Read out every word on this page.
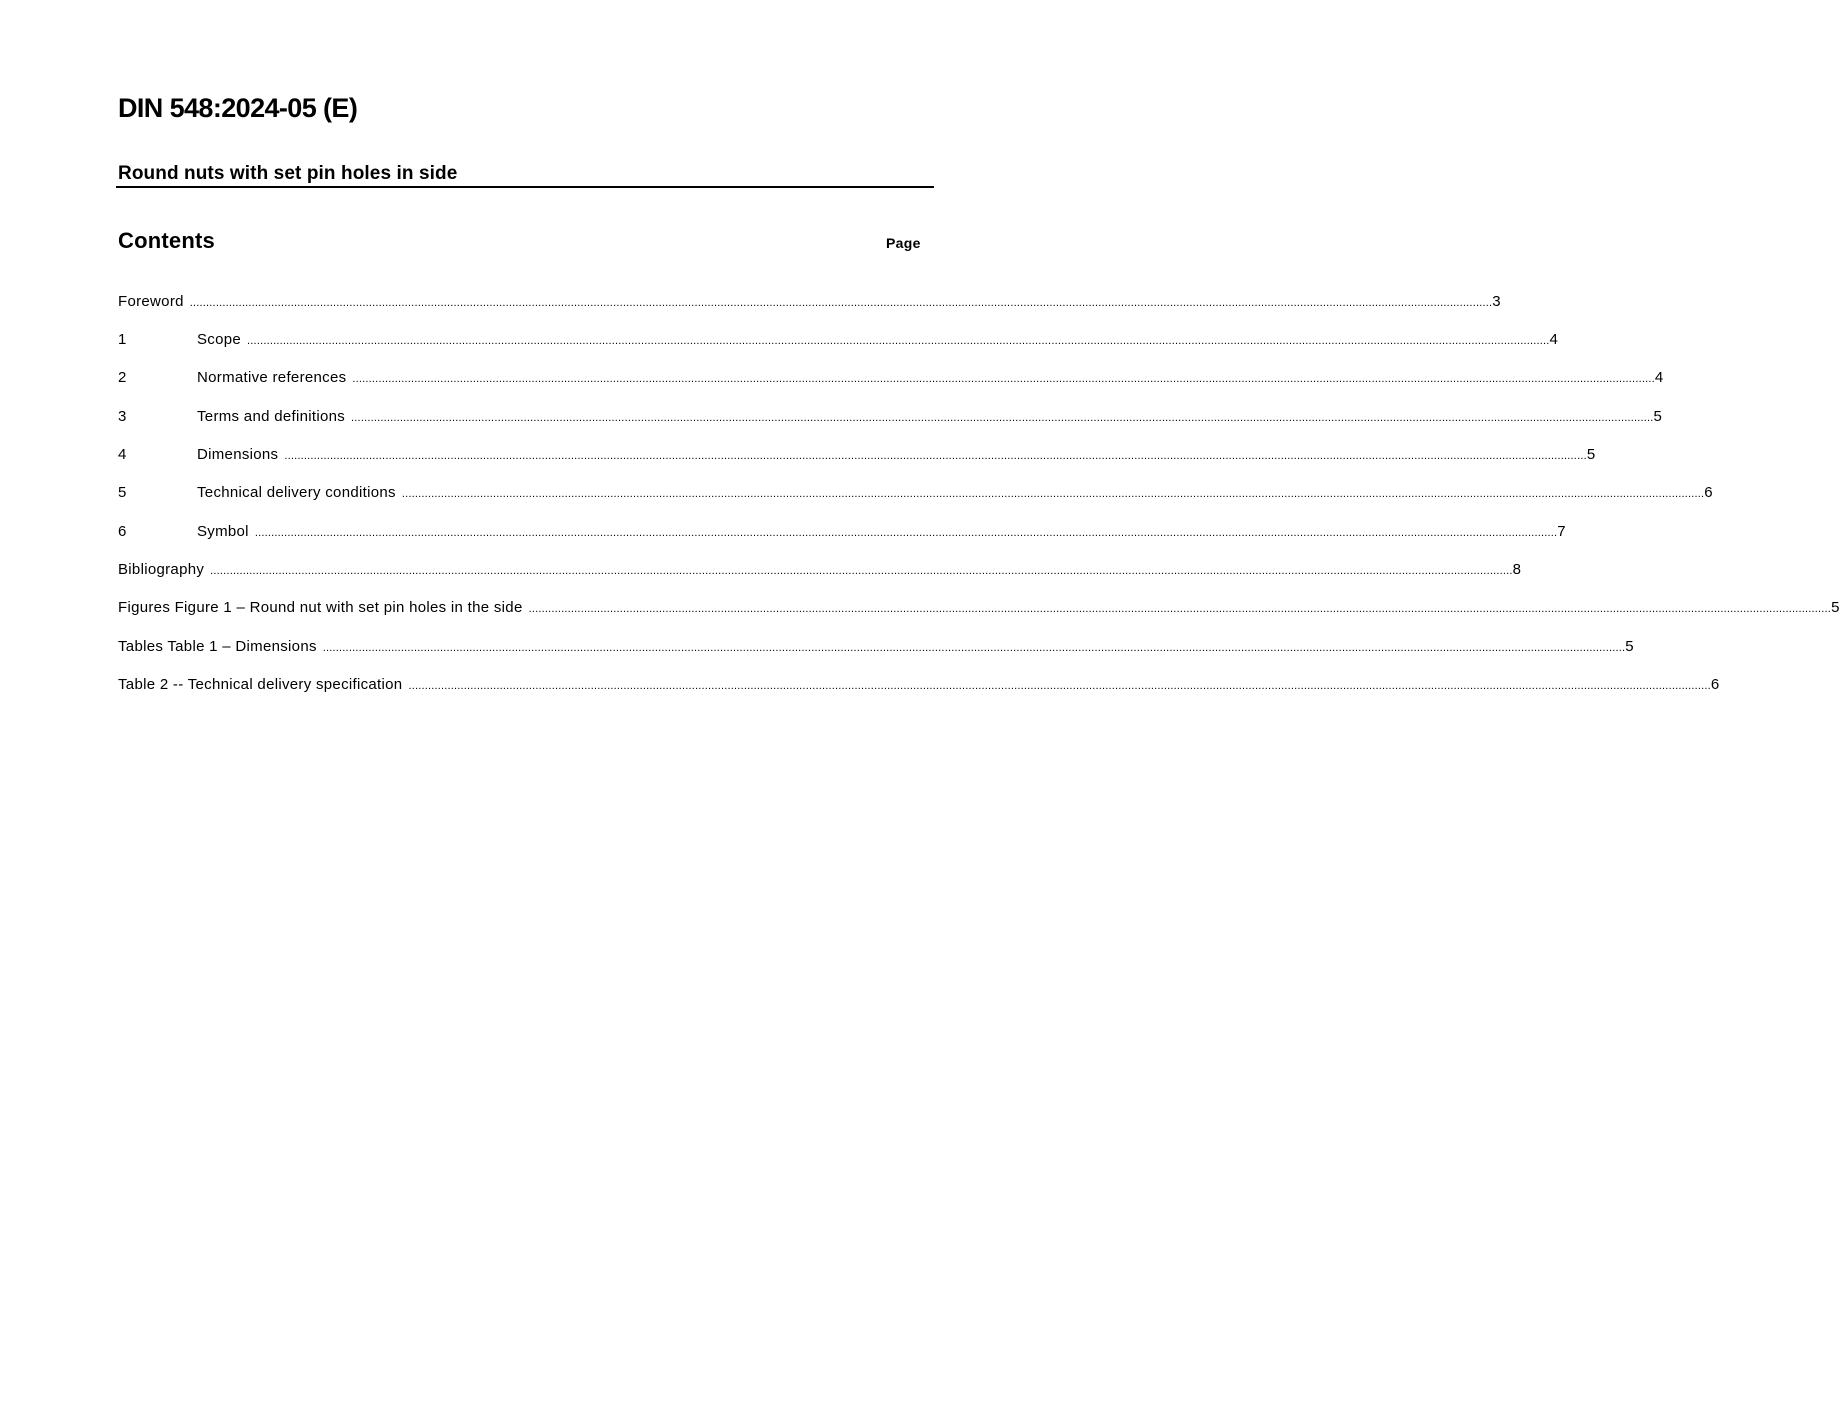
DIN 548:2024-05 (E)
Round nuts with set pin holes in side
Contents	Page
Foreword ................................................................................................................................................................................................................................................................................................................................................................................................................ 3
1	Scope ................................................................................................................................................................................................................................................................................................................................................................................................................ 4
2	Normative references ................................................................................................................................................................................................................................................................................................................................................................................................................ 4
3	Terms and definitions ................................................................................................................................................................................................................................................................................................................................................................................................................ 5
4	Dimensions ................................................................................................................................................................................................................................................................................................................................................................................................................ 5
5	Technical delivery conditions ................................................................................................................................................................................................................................................................................................................................................................................................................ 6
6	Symbol ................................................................................................................................................................................................................................................................................................................................................................................................................ 7
Bibliography ................................................................................................................................................................................................................................................................................................................................................................................................................ 8
Figures Figure 1 – Round nut with set pin holes in the side ................................................................................................................................................................................................................................................................................................................................................................................................................ 5
Tables Table 1 – Dimensions ................................................................................................................................................................................................................................................................................................................................................................................................................ 5
Table 2 -- Technical delivery specification ................................................................................................................................................................................................................................................................................................................................................................................................................ 6
